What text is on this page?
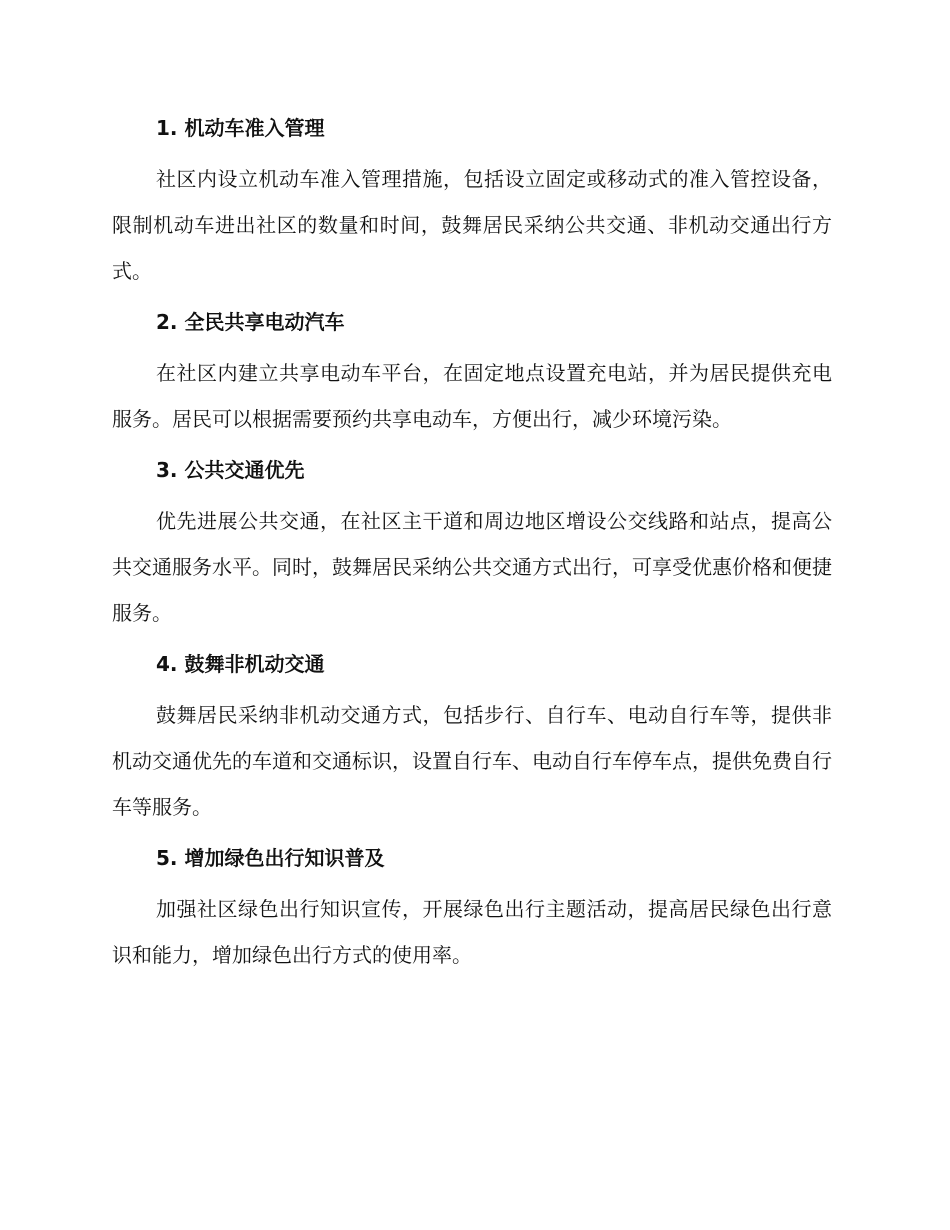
1. 机动车准入管理

社区内设立机动车准入管理措施，包括设立固定或移动式的准入管控设备，限制机动车进出社区的数量和时间，鼓舞居民采纳公共交通、非机动交通出行方式。

2. 全民共享电动汽车

在社区内建立共享电动车平台，在固定地点设置充电站，并为居民提供充电服务。居民可以根据需要预约共享电动车，方便出行，减少环境污染。

3. 公共交通优先

优先进展公共交通，在社区主干道和周边地区增设公交线路和站点，提高公共交通服务水平。同时，鼓舞居民采纳公共交通方式出行，可享受优惠价格和便捷服务。

4. 鼓舞非机动交通

鼓舞居民采纳非机动交通方式，包括步行、自行车、电动自行车等，提供非机动交通优先的车道和交通标识，设置自行车、电动自行车停车点，提供免费自行车等服务。

5. 增加绿色出行知识普及

加强社区绿色出行知识宣传，开展绿色出行主题活动，提高居民绿色出行意识和能力，增加绿色出行方式的使用率。
